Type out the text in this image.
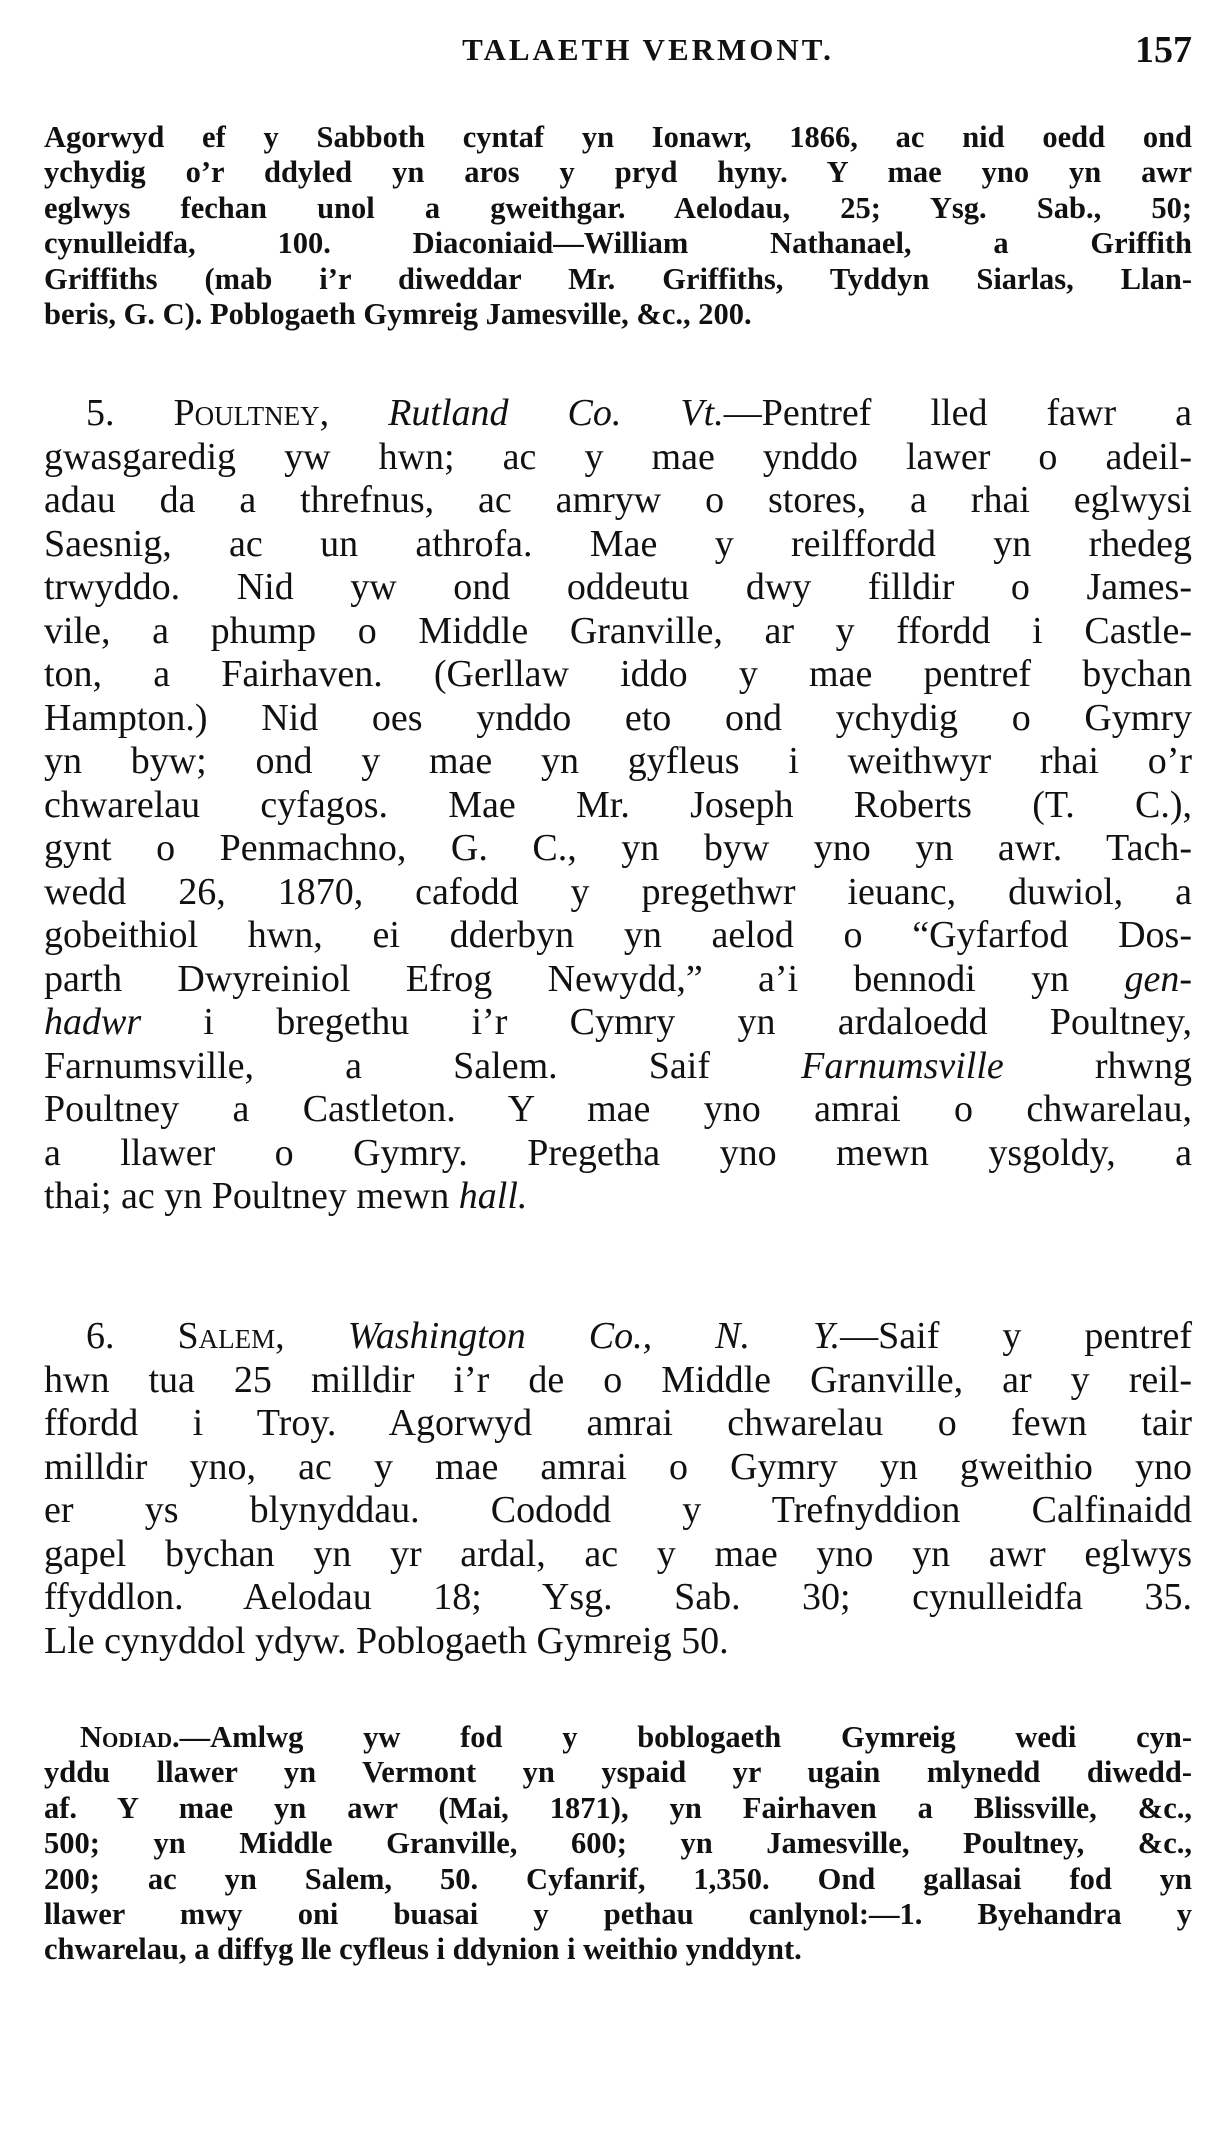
TALAETH VERMONT.	157
Agorwyd ef y Sabboth cyntaf yn Ionawr, 1866, ac nid oedd ond
ychydig o’r ddyled yn aros y pryd hyny. Y mae yno yn awr
eglwys fechan unol a gweithgar. Aelodau, 25; Ysg. Sab., 50;
cynulleidfa, 100. Diaconiaid—William Nathanael, a Griffith
Griffiths (mab i’r diweddar Mr. Griffiths, Tyddyn Siarlas, Llan-
beris, G. C). Poblogaeth Gymreig Jamesville, &c., 200.
5. Poultney, Rutland Co. Vt.—Pentref lled fawr a
gwasgaredig yw hwn; ac y mae ynddo lawer o adeil-
adau da a threfnus, ac amryw o stores, a rhai eglwysi
Saesnig, ac un athrofa. Mae y reilffordd yn rhedeg
trwyddo. Nid yw ond oddeutu dwy filldir o James-
vile, a phump o Middle Granville, ar y ffordd i Castle-
ton, a Fairhaven. (Gerllaw iddo y mae pentref bychan
Hampton.) Nid oes ynddo eto ond ychydig o Gymry
yn byw; ond y mae yn gyfleus i weithwyr rhai o’r
chwarelau cyfagos. Mae Mr. Joseph Roberts (T. C.),
gynt o Penmachno, G. C., yn byw yno yn awr. Tach-
wedd 26, 1870, cafodd y pregethwr ieuanc, duwiol, a
gobeithiol hwn, ei dderbyn yn aelod o “Gyfarfod Dos-
parth Dwyreiniol Efrog Newydd,” a’i bennodi yn gen-
hadwr i bregethu i’r Cymry yn ardaloedd Poultney,
Farnumsville, a Salem. Saif Farnumsville rhwng
Poultney a Castleton. Y mae yno amrai o chwarelau,
a llawer o Gymry. Pregetha yno mewn ysgoldy, a
thai; ac yn Poultney mewn hall.
6. Salem, Washington Co., N. Y.—Saif y pentref
hwn tua 25 milldir i’r de o Middle Granville, ar y reil-
ffordd i Troy. Agorwyd amrai chwarelau o fewn tair
milldir yno, ac y mae amrai o Gymry yn gweithio yno
er ys blynyddau. Cododd y Trefnyddion Calfinaidd
gapel bychan yn yr ardal, ac y mae yno yn awr eglwys
ffyddlon. Aelodau 18; Ysg. Sab. 30; cynulleidfa 35.
Lle cynyddol ydyw. Poblogaeth Gymreig 50.
Nodiad.—Amlwg yw fod y boblogaeth Gymreig wedi cyn-
yddu llawer yn Vermont yn yspaid yr ugain mlynedd diwedd-
af. Y mae yn awr (Mai, 1871), yn Fairhaven a Blissville, &c.,
500; yn Middle Granville, 600; yn Jamesville, Poultney, &c.,
200; ac yn Salem, 50. Cyfanrif, 1,350. Ond gallasai fod yn
llawer mwy oni buasai y pethau canlynol:—1. Byehandra y
chwarelau, a diffyg lle cyfleus i ddynion i weithio ynddynt.
